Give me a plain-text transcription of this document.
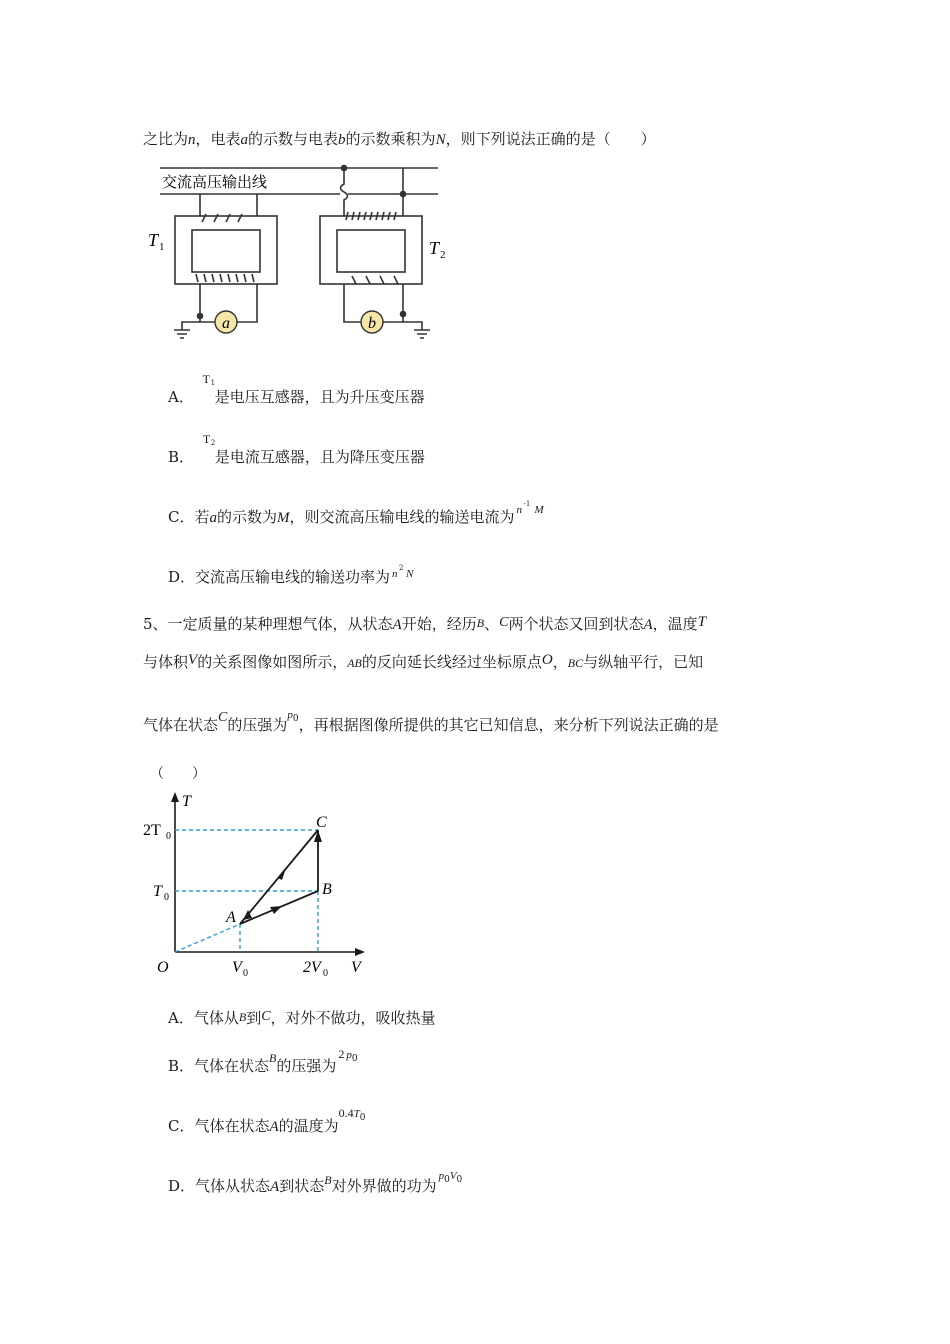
之比为n，电表a的示数与电表b的示数乘积为N，则下列说法正确的是（　　）
a	b
交流高压输出线
T 1	T 2
A．
T 1
是电压互感器，且为升压变压器
B．
T 2
是电流互感器，且为降压变压器
C．若a的示数为M，则交流高压输电线的输送电流为 n -1 M
D．交流高压输电线的输送功率为 n 2 N
5、一定质量的某种理想气体，从状态A开始，经历B、C两个状态又回到状态A，温度T
与体积V的关系图像如图所示，AB的反向延长线经过坐标原点O，BC与纵轴平行，已知
气体在状态C的压强为$p_0$，再根据图像所提供的其它已知信息，来分析下列说法正确的是
（　　）
T
V
O
2T 0
T 0
V 0	2V 0
A
B
C
A．气体从B到C，对外不做功，吸收热量
B．气体在状态$^B$的压强为2 $p_0$
C．气体在状态A的温度为$0.4T_0$
D．气体从状态A到状态$^B$对外界做的功为$p_0V_0$
